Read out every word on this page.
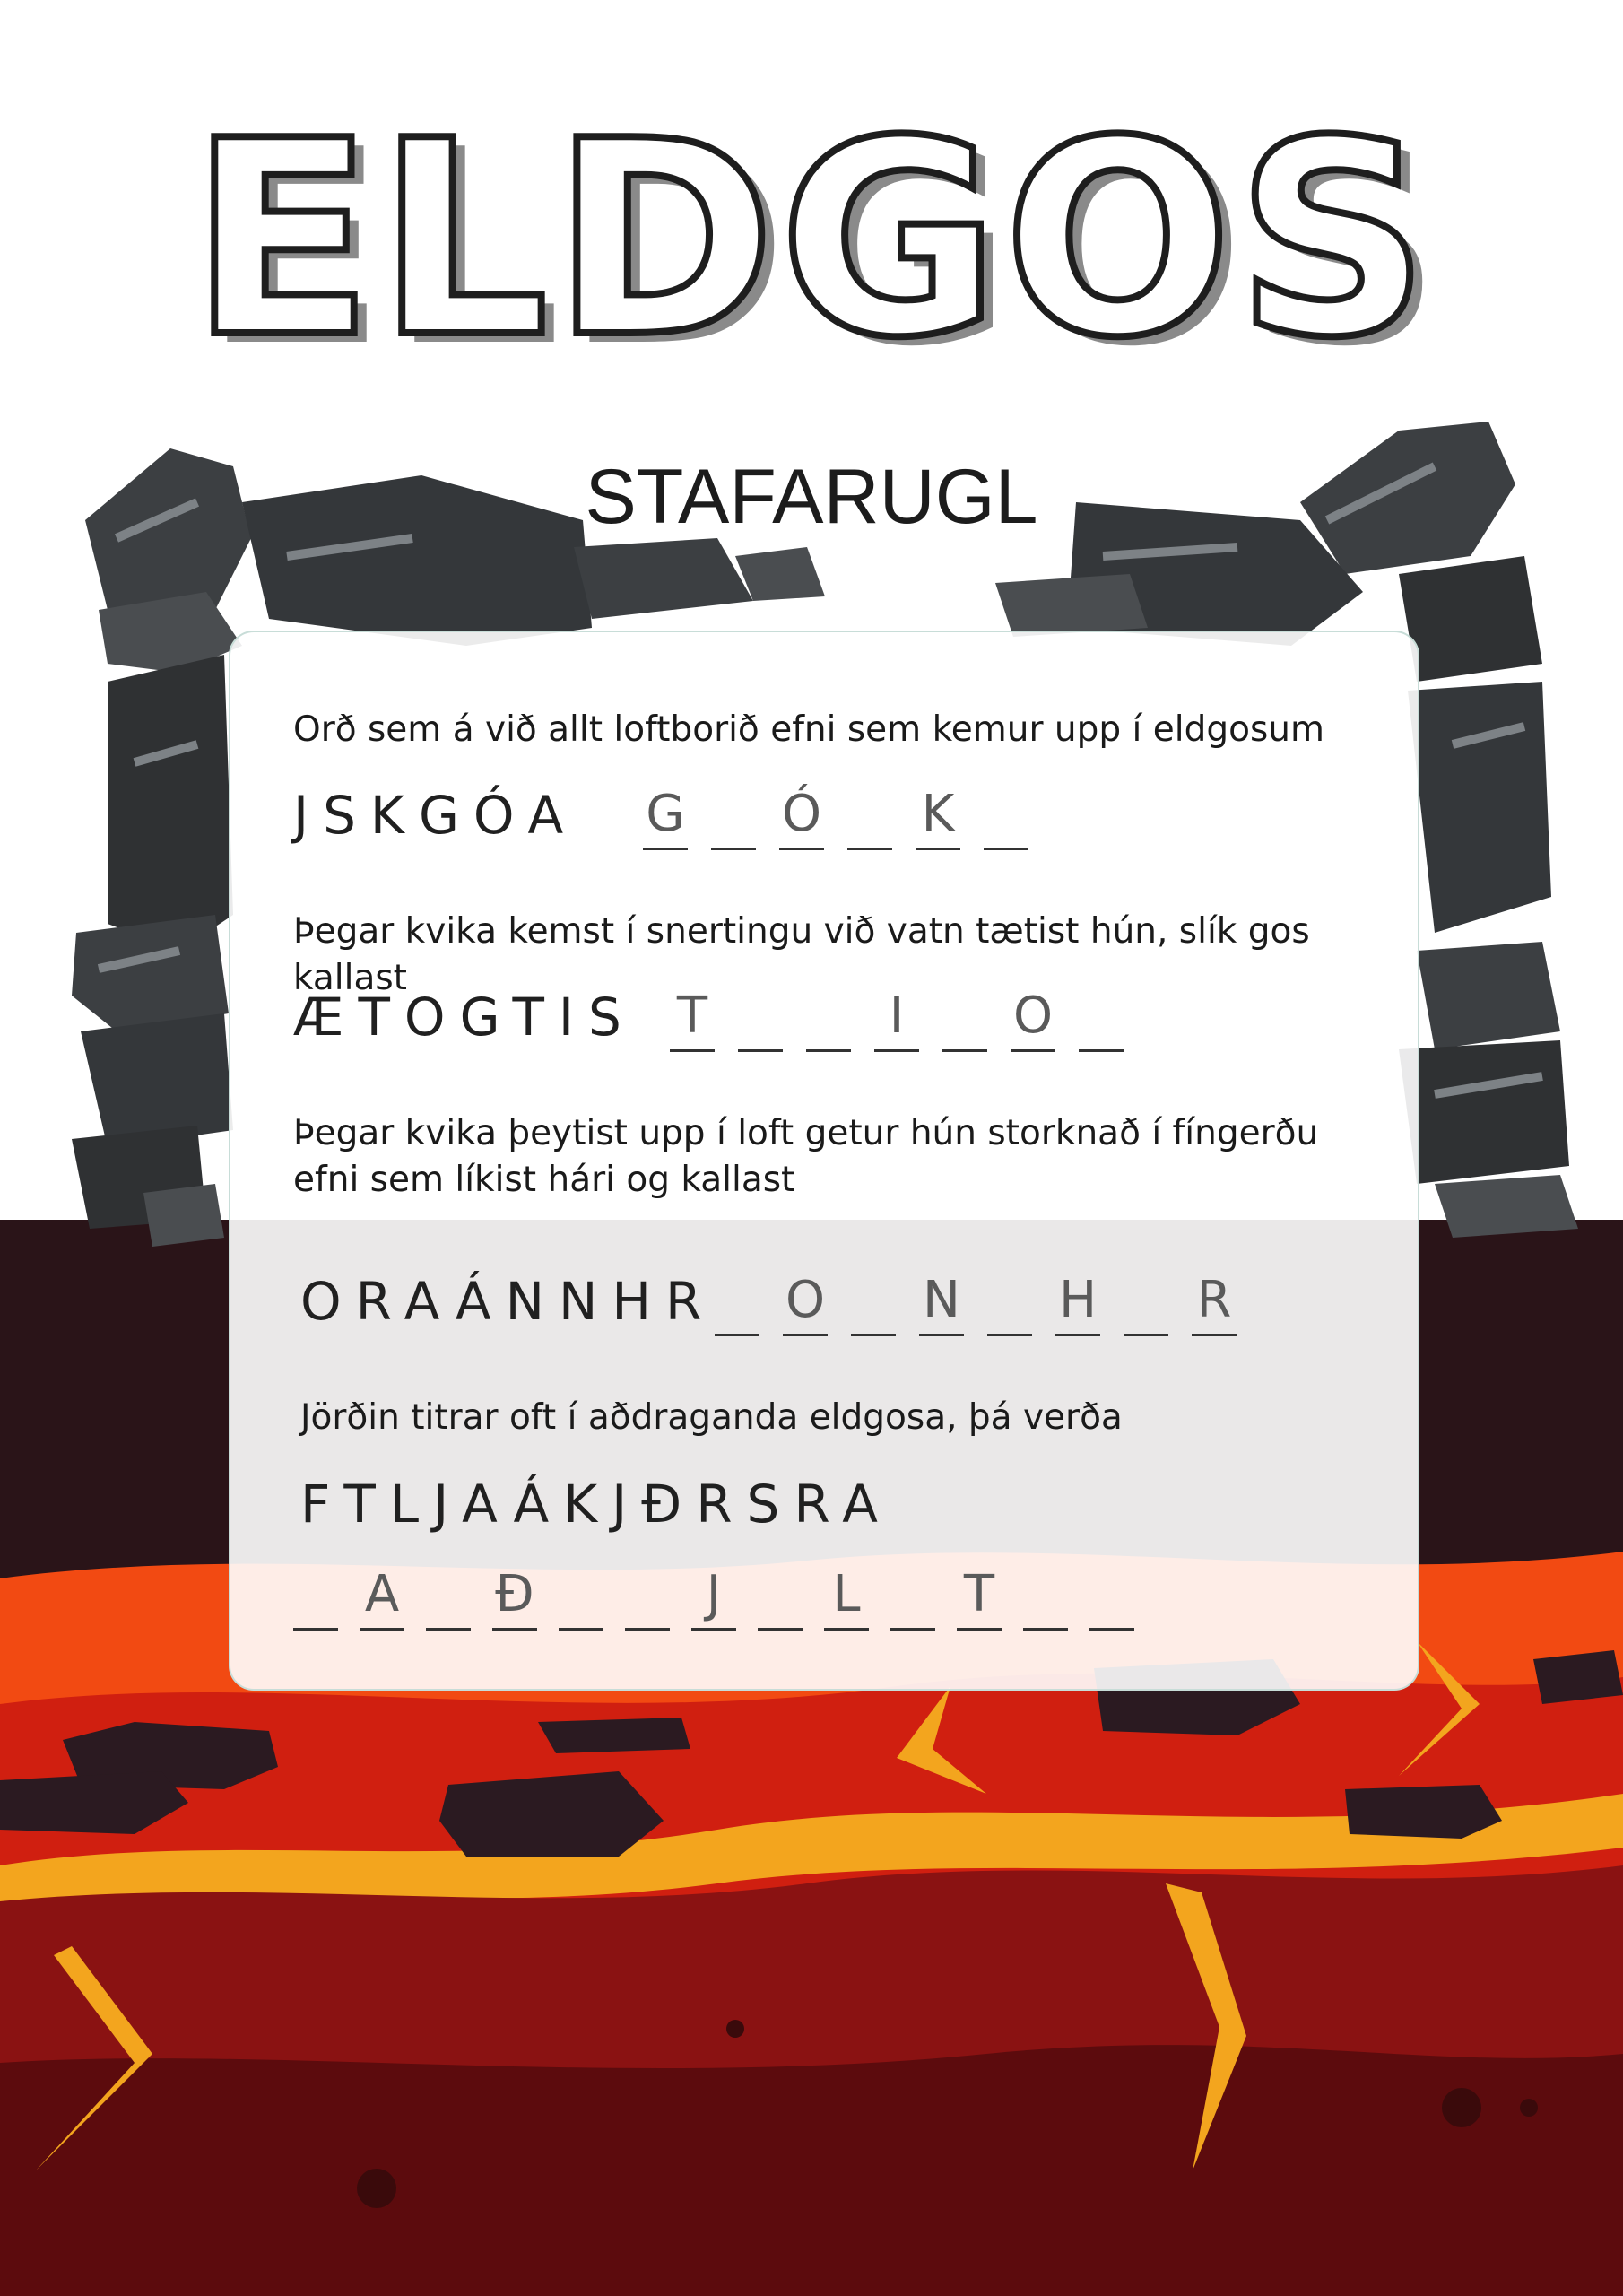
ELDGOS
STAFARUGL

Orð sem á við allt loftborið efni sem kemur upp í eldgosum

JSKGÓA G Ó K

Þegar kvika kemst í snertingu við vatn tætist hún, slík gos kallast

ÆTOGTIS T	I O

Þegar kvika þeytist upp í loft getur hún storknað í fíngerðu efni sem líkist hári og kallast

ORAÁNNHR O N H R

Jörðin titrar oft í aðdraganda eldgosa, þá verða

FTLJAÁKJÐRSRA
A Ð	J L T
